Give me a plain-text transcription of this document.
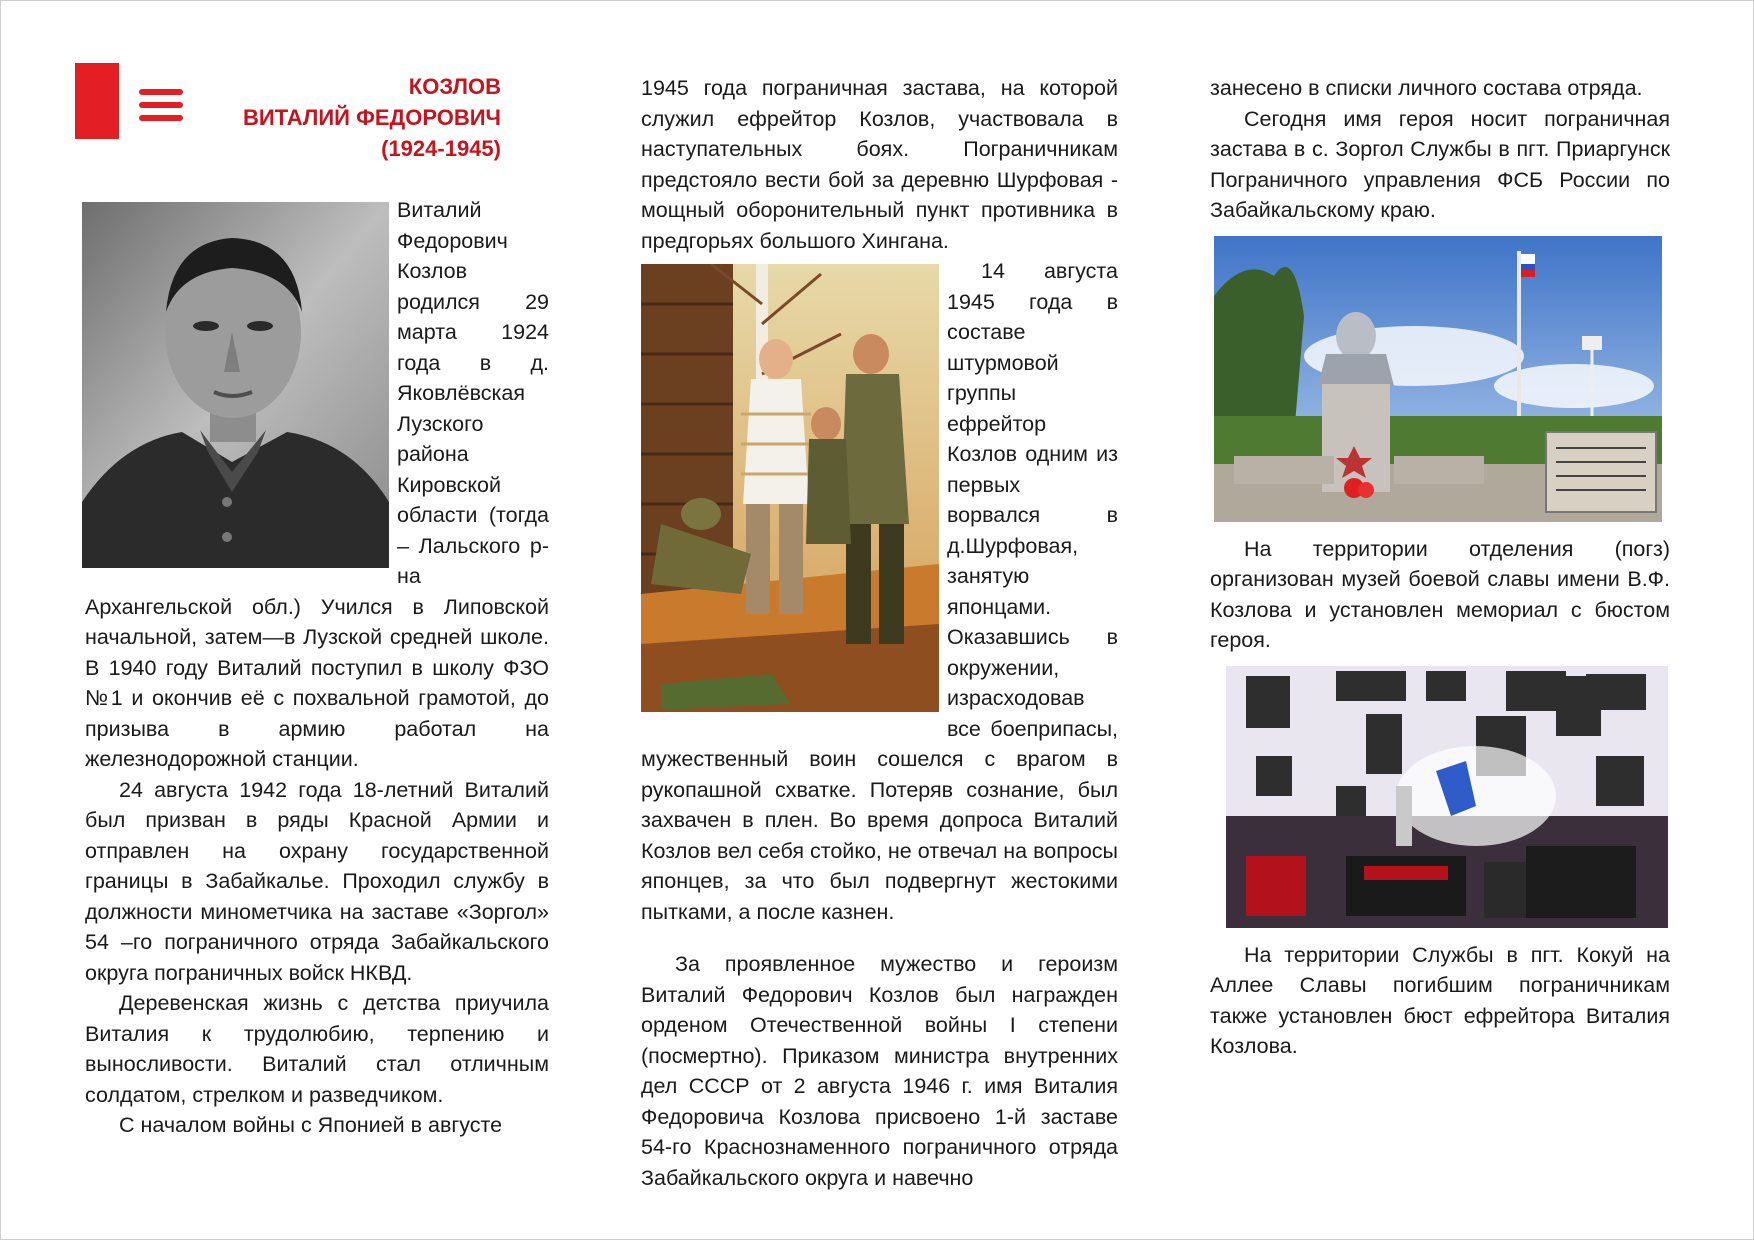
КОЗЛОВ
ВИТАЛИЙ ФЕДОРОВИЧ
(1924-1945)

Виталий Федорович Козлов родился 29 марта 1924 года в д. Яковлёвская Лузского района Кировской области (тогда – Лальского р-на Архангельской обл.) Учился в Липовской начальной, затем—в Лузской средней школе. В 1940 году Виталий поступил в школу ФЗО №1 и окончив её с похвальной грамотой, до призыва в армию работал на железнодорожной станции.

24 августа 1942 года 18-летний Виталий был призван в ряды Красной Армии и отправлен на охрану государственной границы в Забайкалье. Проходил службу в должности минометчика на заставе «Зоргол» 54 –го пограничного отряда Забайкальского округа пограничных войск НКВД.

Деревенская жизнь с детства приучила Виталия к трудолюбию, терпению и выносливости. Виталий стал отличным солдатом, стрелком и разведчиком.

С началом войны с Японией в августе

1945 года пограничная застава, на которой служил ефрейтор Козлов, участвовала в наступательных боях. Пограничникам предстояло вести бой за деревню Шурфовая - мощный оборонительный пункт противника в предгорьях большого Хингана.

14 августа 1945 года в составе штурмовой группы ефрейтор Козлов одним из первых ворвался в д.Шурфовая, занятую японцами. Оказавшись в окружении, израсходовав все боеприпасы, мужественный воин сошелся с врагом в рукопашной схватке. Потеряв сознание, был захвачен в плен. Во время допроса Виталий Козлов вел себя стойко, не отвечал на вопросы японцев, за что был подвергнут жестокими пытками, а после казнен.

За проявленное мужество и героизм Виталий Федорович Козлов был награжден орденом Отечественной войны I степени (посмертно). Приказом министра внутренних дел СССР от 2 августа 1946 г. имя Виталия Федоровича Козлова присвоено 1-й заставе 54-го Краснознаменного пограничного отряда Забайкальского округа и навечно

занесено в списки личного состава отряда.

Сегодня имя героя носит пограничная застава в с. Зоргол Службы в пгт. Приаргунск Пограничного управления ФСБ России по Забайкальскому краю.

На территории отделения (погз) организован музей боевой славы имени В.Ф. Козлова и установлен мемориал с бюстом героя.

На территории Службы в пгт. Кокуй на Аллее Славы погибшим пограничникам также установлен бюст ефрейтора Виталия Козлова.
